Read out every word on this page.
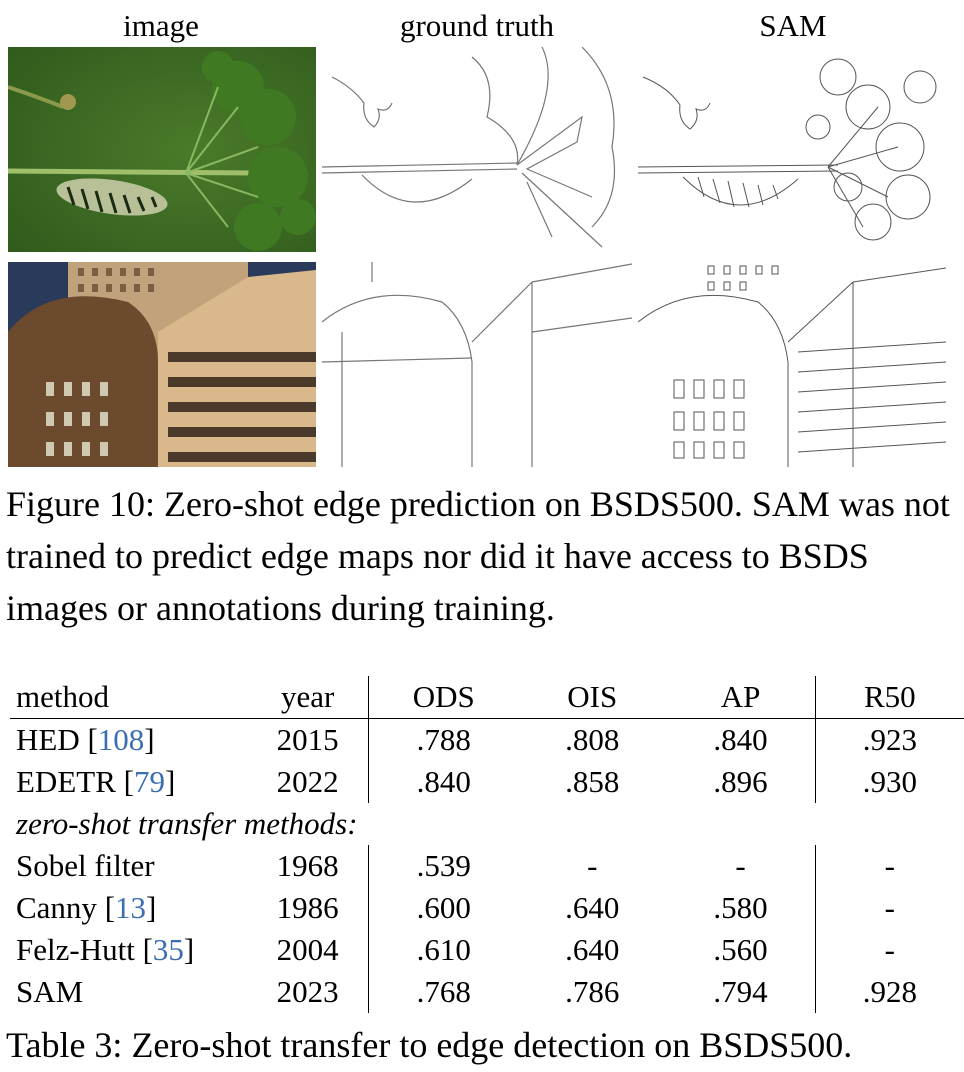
image	ground truth	SAM
Figure 10: Zero-shot edge prediction on BSDS500. SAM was not trained to predict edge maps nor did it have access to BSDS images or annotations during training.
method	year	ODS	OIS	AP	R50
HED [108]	2015	.788	.808	.840	.923
EDETR [79]	2022	.840	.858	.896	.930
zero-shot transfer methods:					
Sobel filter	1968	.539	-	-	-
Canny [13]	1986	.600	.640	.580	-
Felz-Hutt [35]	2004	.610	.640	.560	-
SAM	2023	.768	.786	.794	.928
Table 3: Zero-shot transfer to edge detection on BSDS500.
